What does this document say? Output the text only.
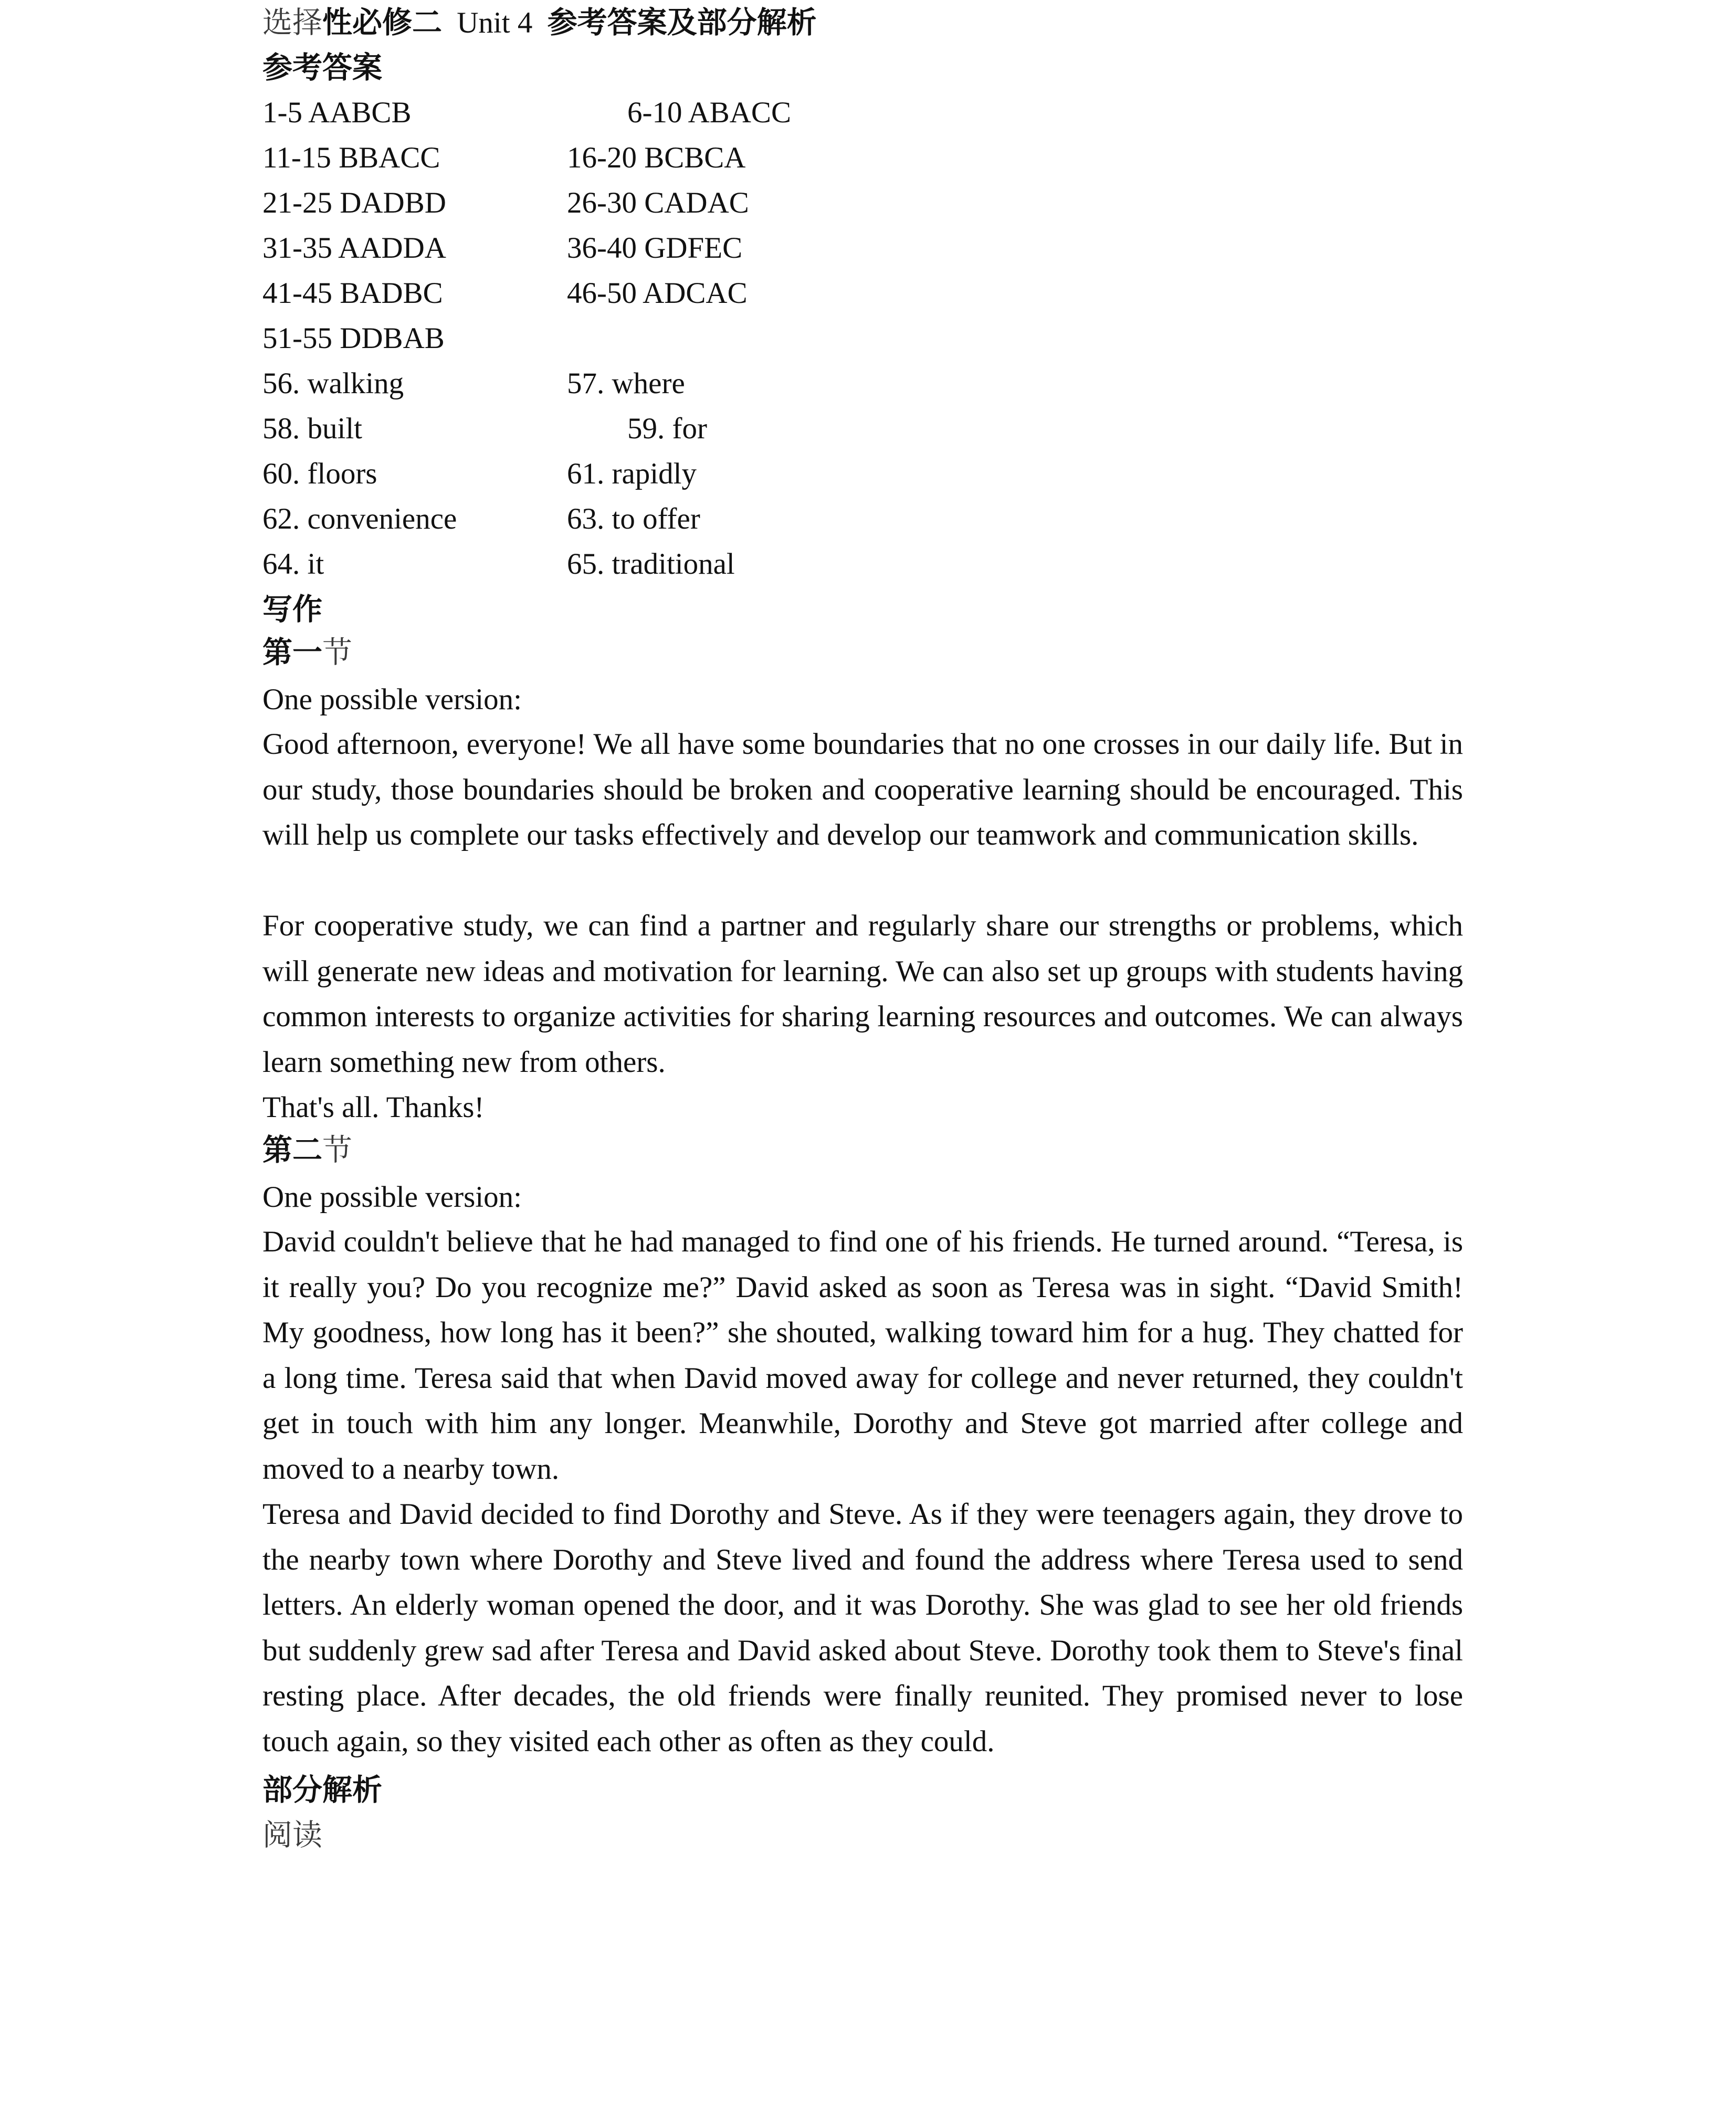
选择性必修二 Unit 4 参考答案及部分解析
参考答案
1-5 AABCB	6-10 ABACC
11-15 BBACC	16-20 BCBCA
21-25 DADBD	26-30 CADAC
31-35 AADDA	36-40 GDFEC
41-45 BADBC	46-50 ADCAC
51-55 DDBAB
56. walking	57. where
58. built	59. for
60. floors	61. rapidly
62. convenience	63. to offer
64. it	65. traditional
写作
第一节
One possible version:
Good afternoon, everyone! We all have some boundaries that no one crosses in our daily life. But in our study, those boundaries should be broken and cooperative learning should be encouraged. This will help us complete our tasks effectively and develop our teamwork and communication skills.
For cooperative study, we can find a partner and regularly share our strengths or problems, which will generate new ideas and motivation for learning. We can also set up groups with students having common interests to organize activities for sharing learning resources and outcomes. We can always learn something new from others.
That's all. Thanks!
第二节
One possible version:
David couldn't believe that he had managed to find one of his friends. He turned around. “Teresa, is it really you? Do you recognize me?” David asked as soon as Teresa was in sight. “David Smith! My goodness, how long has it been?” she shouted, walking toward him for a hug. They chatted for a long time. Teresa said that when David moved away for college and never returned, they couldn't get in touch with him any longer. Meanwhile, Dorothy and Steve got married after college and moved to a nearby town.
Teresa and David decided to find Dorothy and Steve. As if they were teenagers again, they drove to the nearby town where Dorothy and Steve lived and found the address where Teresa used to send letters. An elderly woman opened the door, and it was Dorothy. She was glad to see her old friends but suddenly grew sad after Teresa and David asked about Steve. Dorothy took them to Steve's final resting place. After decades, the old friends were finally reunited. They promised never to lose touch again, so they visited each other as often as they could.
部分解析
阅读
